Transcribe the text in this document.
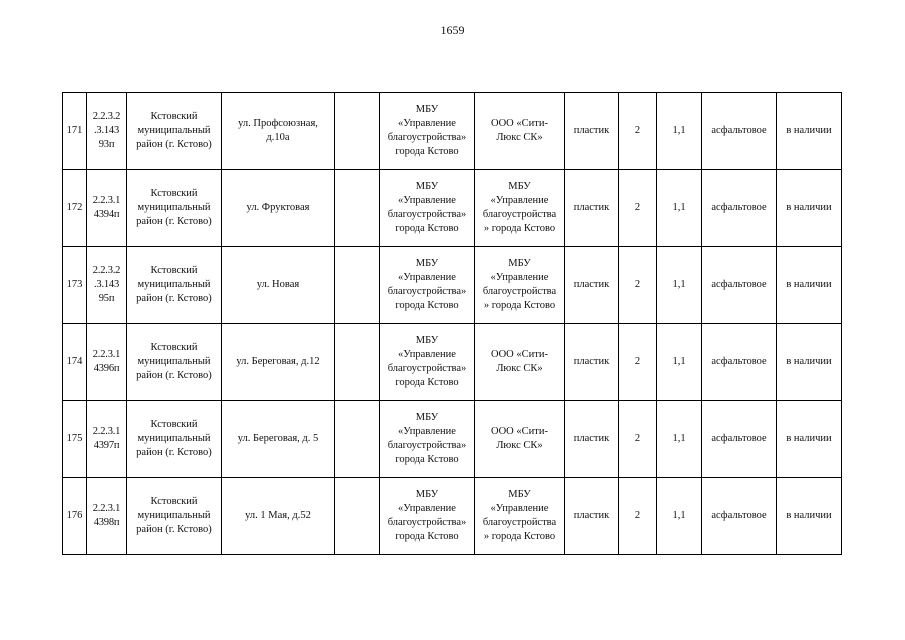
1659
171	2.2.3.2
.3.143
93п	Кстовский
муниципальный
район (г. Кстово)	ул. Профсоюзная,
д.10а		МБУ
«Управление
благоустройства»
города Кстово	ООО «Сити-
Люкс СК»	пластик	2	1,1	асфальтовое	в наличии
172	2.2.3.1
4394п	Кстовский
муниципальный
район (г. Кстово)	ул. Фруктовая		МБУ
«Управление
благоустройства»
города Кстово	МБУ
«Управление
благоустройства
» города Кстово	пластик	2	1,1	асфальтовое	в наличии
173	2.2.3.2
.3.143
95п	Кстовский
муниципальный
район (г. Кстово)	ул. Новая		МБУ
«Управление
благоустройства»
города Кстово	МБУ
«Управление
благоустройства
» города Кстово	пластик	2	1,1	асфальтовое	в наличии
174	2.2.3.1
4396п	Кстовский
муниципальный
район (г. Кстово)	ул. Береговая, д.12		МБУ
«Управление
благоустройства»
города Кстово	ООО «Сити-
Люкс СК»	пластик	2	1,1	асфальтовое	в наличии
175	2.2.3.1
4397п	Кстовский
муниципальный
район (г. Кстово)	ул. Береговая, д. 5		МБУ
«Управление
благоустройства»
города Кстово	ООО «Сити-
Люкс СК»	пластик	2	1,1	асфальтовое	в наличии
176	2.2.3.1
4398п	Кстовский
муниципальный
район (г. Кстово)	ул. 1 Мая, д.52		МБУ
«Управление
благоустройства»
города Кстово	МБУ
«Управление
благоустройства
» города Кстово	пластик	2	1,1	асфальтовое	в наличии
